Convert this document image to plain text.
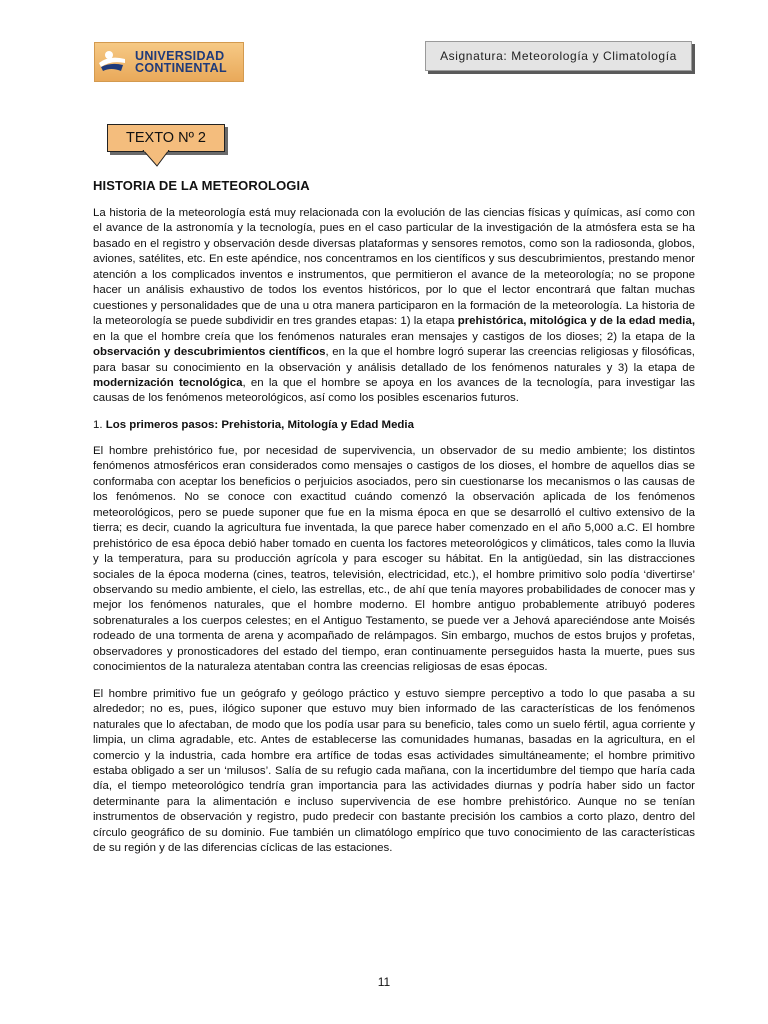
UNIVERSIDAD
CONTINENTAL
Asignatura: Meteorología y Climatología
TEXTO Nº 2
HISTORIA DE LA METEOROLOGIA

La historia de la meteorología está muy relacionada con la evolución de las ciencias físicas y químicas, así como con el avance de la astronomía y la tecnología, pues en el caso particular de la investigación de la atmósfera esta se ha basado en el registro y observación desde diversas plataformas y sensores remotos, como son la radiosonda, globos, aviones, satélites, etc. En este apéndice, nos concentramos en los científicos y sus descubrimientos, prestando menor atención a los complicados inventos e instrumentos, que permitieron el avance de la meteorología; no se propone hacer un análisis exhaustivo de todos los eventos históricos, por lo que el lector encontrará que faltan muchas cuestiones y personalidades que de una u otra manera participaron en la formación de la meteorología. La historia de la meteorología se puede subdividir en tres grandes etapas: 1) la etapa prehistórica, mitológica y de la edad media, en la que el hombre creía que los fenómenos naturales eran mensajes y castigos de los dioses; 2) la etapa de la observación y descubrimientos científicos, en la que el hombre logró superar las creencias religiosas y filosóficas, para basar su conocimiento en la observación y análisis detallado de los fenómenos naturales y 3) la etapa de modernización tecnológica, en la que el hombre se apoya en los avances de la tecnología, para investigar las causas de los fenómenos meteorológicos, así como los posibles escenarios futuros.

1. Los primeros pasos: Prehistoria, Mitología y Edad Media

El hombre prehistórico fue, por necesidad de supervivencia, un observador de su medio ambiente; los distintos fenómenos atmosféricos eran considerados como mensajes o castigos de los dioses, el hombre de aquellos dias se conformaba con aceptar los beneficios o perjuicios asociados, pero sin cuestionarse los mecanismos o las causas de los fenómenos. No se conoce con exactitud cuándo comenzó la observación aplicada de los fenómenos meteorológicos, pero se puede suponer que fue en la misma época en que se desarrolló el cultivo extensivo de la tierra; es decir, cuando la agricultura fue inventada, la que parece haber comenzado en el año 5,000 a.C. El hombre prehistórico de esa época debió haber tomado en cuenta los factores meteorológicos y climáticos, tales como la lluvia y la temperatura, para su producción agrícola y para escoger su hábitat. En la antigüedad, sin las distracciones sociales de la época moderna (cines, teatros, televisión, electricidad, etc.), el hombre primitivo solo podía ‘divertirse’ observando su medio ambiente, el cielo, las estrellas, etc., de ahí que tenía mayores probabilidades de conocer mas y mejor los fenómenos naturales, que el hombre moderno. El hombre antiguo probablemente atribuyó poderes sobrenaturales a los cuerpos celestes; en el Antiguo Testamento, se puede ver a Jehová apareciéndose ante Moisés rodeado de una tormenta de arena y acompañado de relámpagos. Sin embargo, muchos de estos brujos y profetas, observadores y pronosticadores del estado del tiempo, eran continuamente perseguidos hasta la muerte, pues sus conocimientos de la naturaleza atentaban contra las creencias religiosas de esas épocas.

El hombre primitivo fue un geógrafo y geólogo práctico y estuvo siempre perceptivo a todo lo que pasaba a su alrededor; no es, pues, ilógico suponer que estuvo muy bien informado de las características de los fenómenos naturales que lo afectaban, de modo que los podía usar para su beneficio, tales como un suelo fértil, agua corriente y limpia, un clima agradable, etc. Antes de establecerse las comunidades humanas, basadas en la agricultura, en el comercio y la industria, cada hombre era artífice de todas esas actividades simultáneamente; el hombre primitivo estaba obligado a ser un ‘milusos’. Salía de su refugio cada mañana, con la incertidumbre del tiempo que haría cada día, el tiempo meteorológico tendría gran importancia para las actividades diurnas y podría haber sido un factor determinante para la alimentación e incluso supervivencia de ese hombre prehistórico. Aunque no se tenían instrumentos de observación y registro, pudo predecir con bastante precisión los cambios a corto plazo, dentro del círculo geográfico de su dominio. Fue también un climatólogo empírico que tuvo conocimiento de las características de su región y de las diferencias cíclicas de las estaciones.

11
